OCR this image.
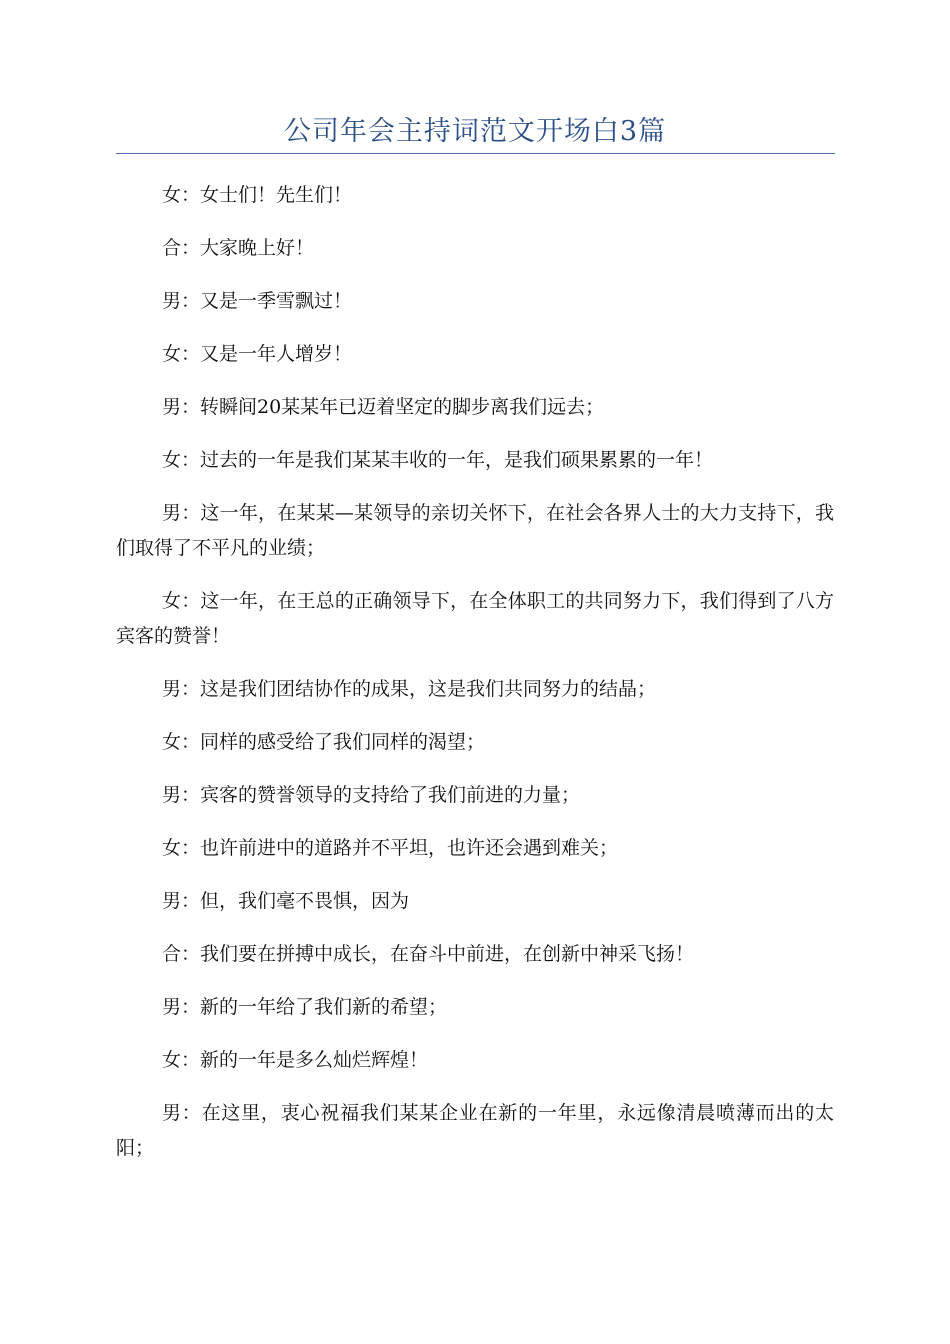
公司年会主持词范文开场白3篇

女：女士们！先生们！

合：大家晚上好！

男：又是一季雪飘过！

女：又是一年人增岁！

男：转瞬间20某某年已迈着坚定的脚步离我们远去；

女：过去的一年是我们某某丰收的一年，是我们硕果累累的一年！

男：这一年，在某某—某领导的亲切关怀下，在社会各界人士的大力支持下，我们取得了不平凡的业绩；

女：这一年，在王总的正确领导下，在全体职工的共同努力下，我们得到了八方宾客的赞誉！

男：这是我们团结协作的成果，这是我们共同努力的结晶；

女：同样的感受给了我们同样的渴望；

男：宾客的赞誉领导的支持给了我们前进的力量；

女：也许前进中的道路并不平坦，也许还会遇到难关；

男：但，我们毫不畏惧，因为

合：我们要在拼搏中成长，在奋斗中前进，在创新中神采飞扬！

男：新的一年给了我们新的希望；

女：新的一年是多么灿烂辉煌！

男：在这里，衷心祝福我们某某企业在新的一年里，永远像清晨喷薄而出的太阳；
